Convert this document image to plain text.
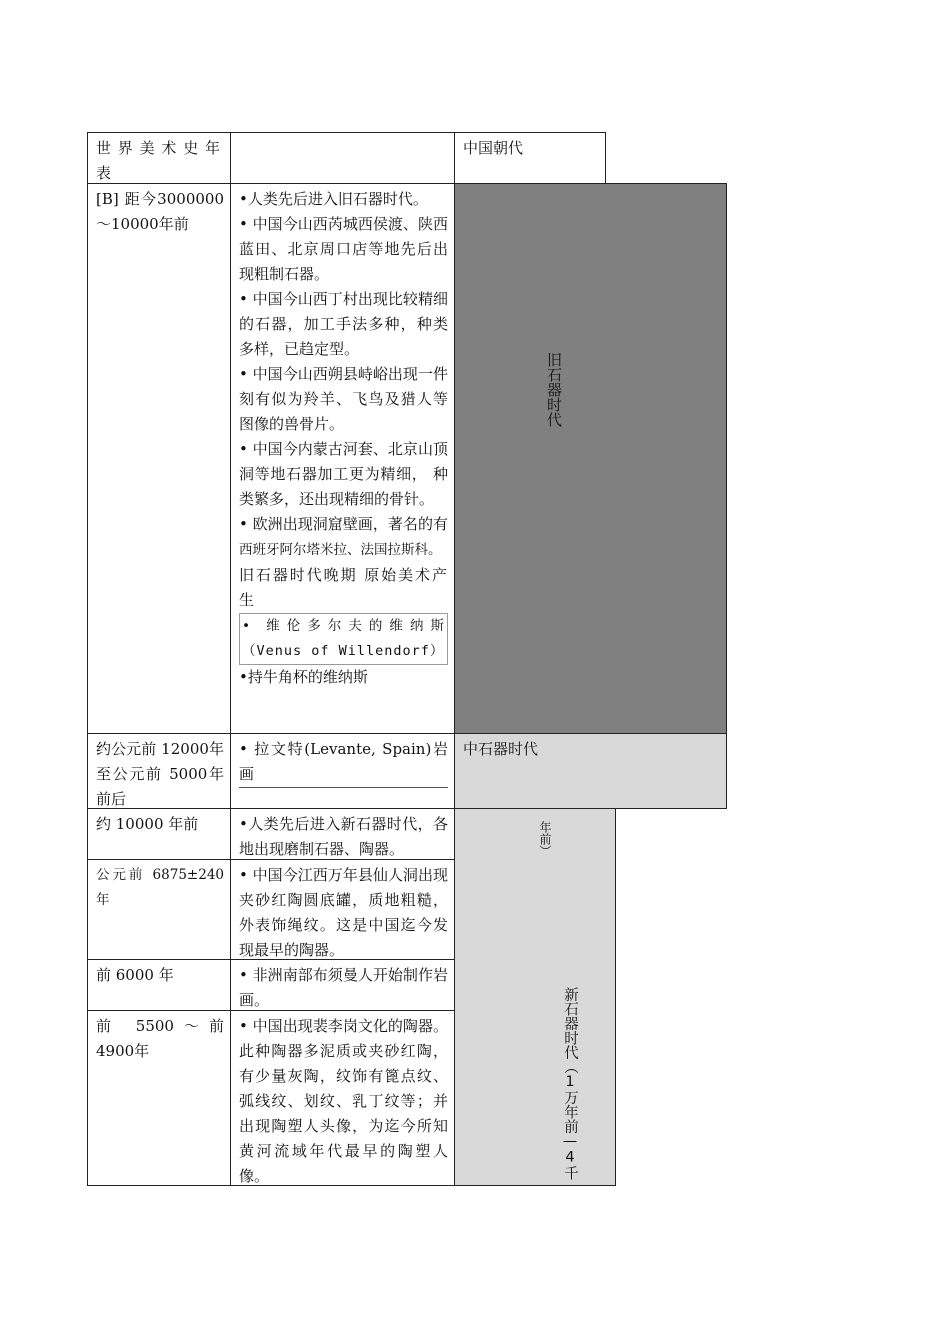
世界美术史年表

中国朝代

[B] 距今3000000～10000年前

•人类先后进入旧石器时代。

• 中国今山西芮城西侯渡、陕西蓝田、北京周口店等地先后出现粗制石器。

• 中国今山西丁村出现比较精细的石器，加工手法多种，种类多样，已趋定型。

• 中国今山西朔县峙峪出现一件刻有似为羚羊、飞鸟及猎人等图像的兽骨片。

• 中国今内蒙古河套、北京山顶洞等地石器加工更为精细， 种类繁多，还出现精细的骨针。

• 欧洲出现洞窟壁画，著名的有西班牙阿尔塔米拉、法国拉斯科。

旧石器时代晚期 原始美术产生

• 维伦多尔夫的维纳斯（Venus of Willendorf）

•持牛角杯的维纳斯

旧石器时代

约公元前 12000年至公元前 5000年前后

• 拉文特(Levante, Spain)岩画

中石器时代

约 10000 年前	•人类先后进入新石器时代，各地出现磨制石器、陶器。

公元前 6875±240年

• 中国今江西万年县仙人洞出现夹砂红陶圆底罐，质地粗糙，外表饰绳纹。这是中国迄今发现最早的陶器。

前 6000 年	• 非洲南部布须曼人开始制作岩画。

前 5500～前 4900年

• 中国出现裴李岗文化的陶器。此种陶器多泥质或夹砂红陶，有少量灰陶，纹饰有篦点纹、弧线纹、划纹、乳丁纹等；并出现陶塑人头像，为迄今所知黄河流域年代最早的陶塑人像。

年前）
新石器时代（1万年前—4千
